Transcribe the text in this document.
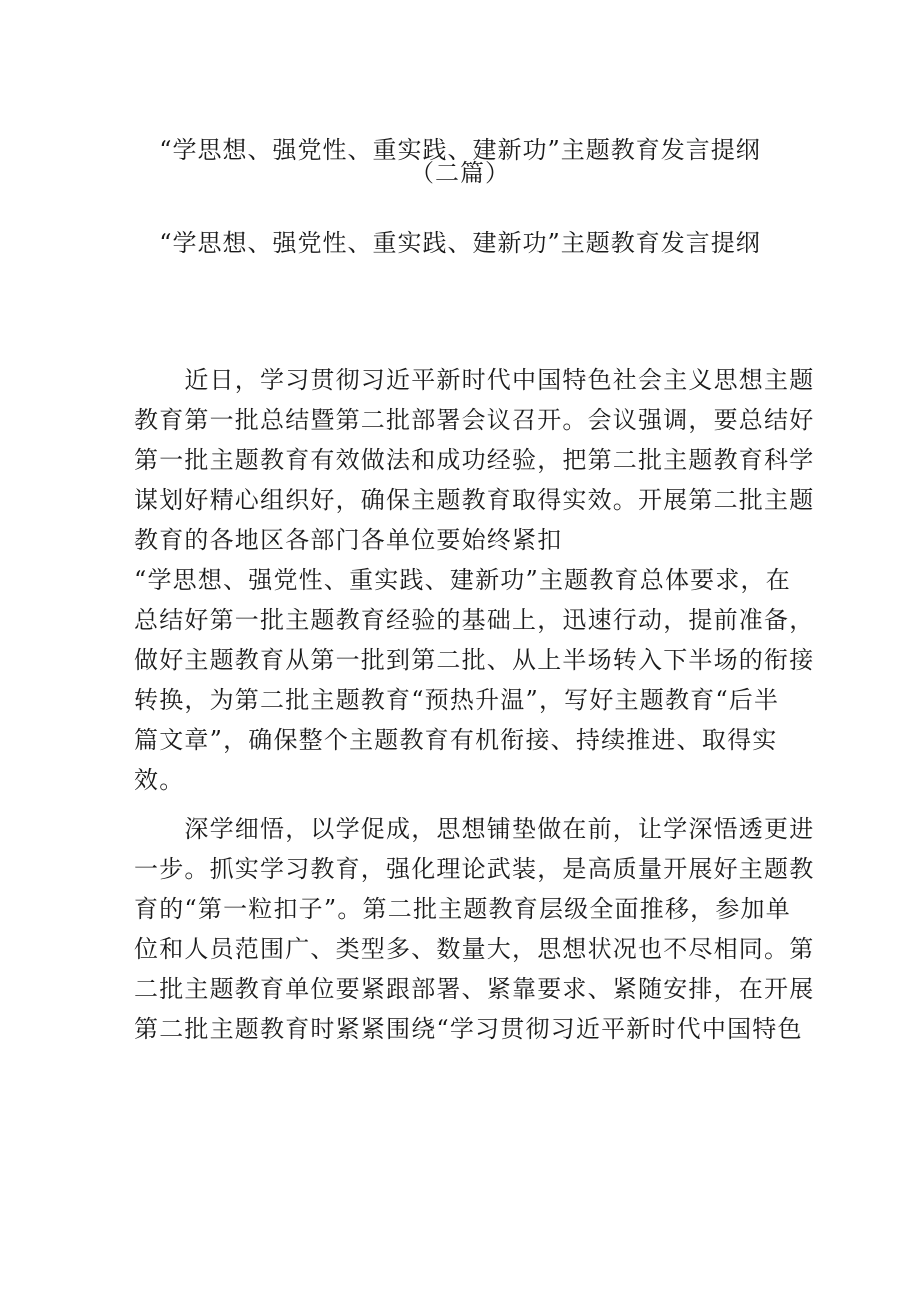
“学思想、强党性、重实践、建新功”主题教育发言提纲
（二篇）
“学思想、强党性、重实践、建新功”主题教育发言提纲
　　近日，学习贯彻习近平新时代中国特色社会主义思想主题
教育第一批总结暨第二批部署会议召开。会议强调，要总结好
第一批主题教育有效做法和成功经验，把第二批主题教育科学
谋划好精心组织好，确保主题教育取得实效。开展第二批主题
教育的各地区各部门各单位要始终紧扣
“学思想、强党性、重实践、建新功”主题教育总体要求，在
总结好第一批主题教育经验的基础上，迅速行动，提前准备，
做好主题教育从第一批到第二批、从上半场转入下半场的衔接
转换，为第二批主题教育“预热升温”，写好主题教育“后半
篇文章”，确保整个主题教育有机衔接、持续推进、取得实
效。
　　深学细悟，以学促成，思想铺垫做在前，让学深悟透更进
一步。抓实学习教育，强化理论武装，是高质量开展好主题教
育的“第一粒扣子”。第二批主题教育层级全面推移，参加单
位和人员范围广、类型多、数量大，思想状况也不尽相同。第
二批主题教育单位要紧跟部署、紧靠要求、紧随安排，在开展
第二批主题教育时紧紧围绕“学习贯彻习近平新时代中国特色
